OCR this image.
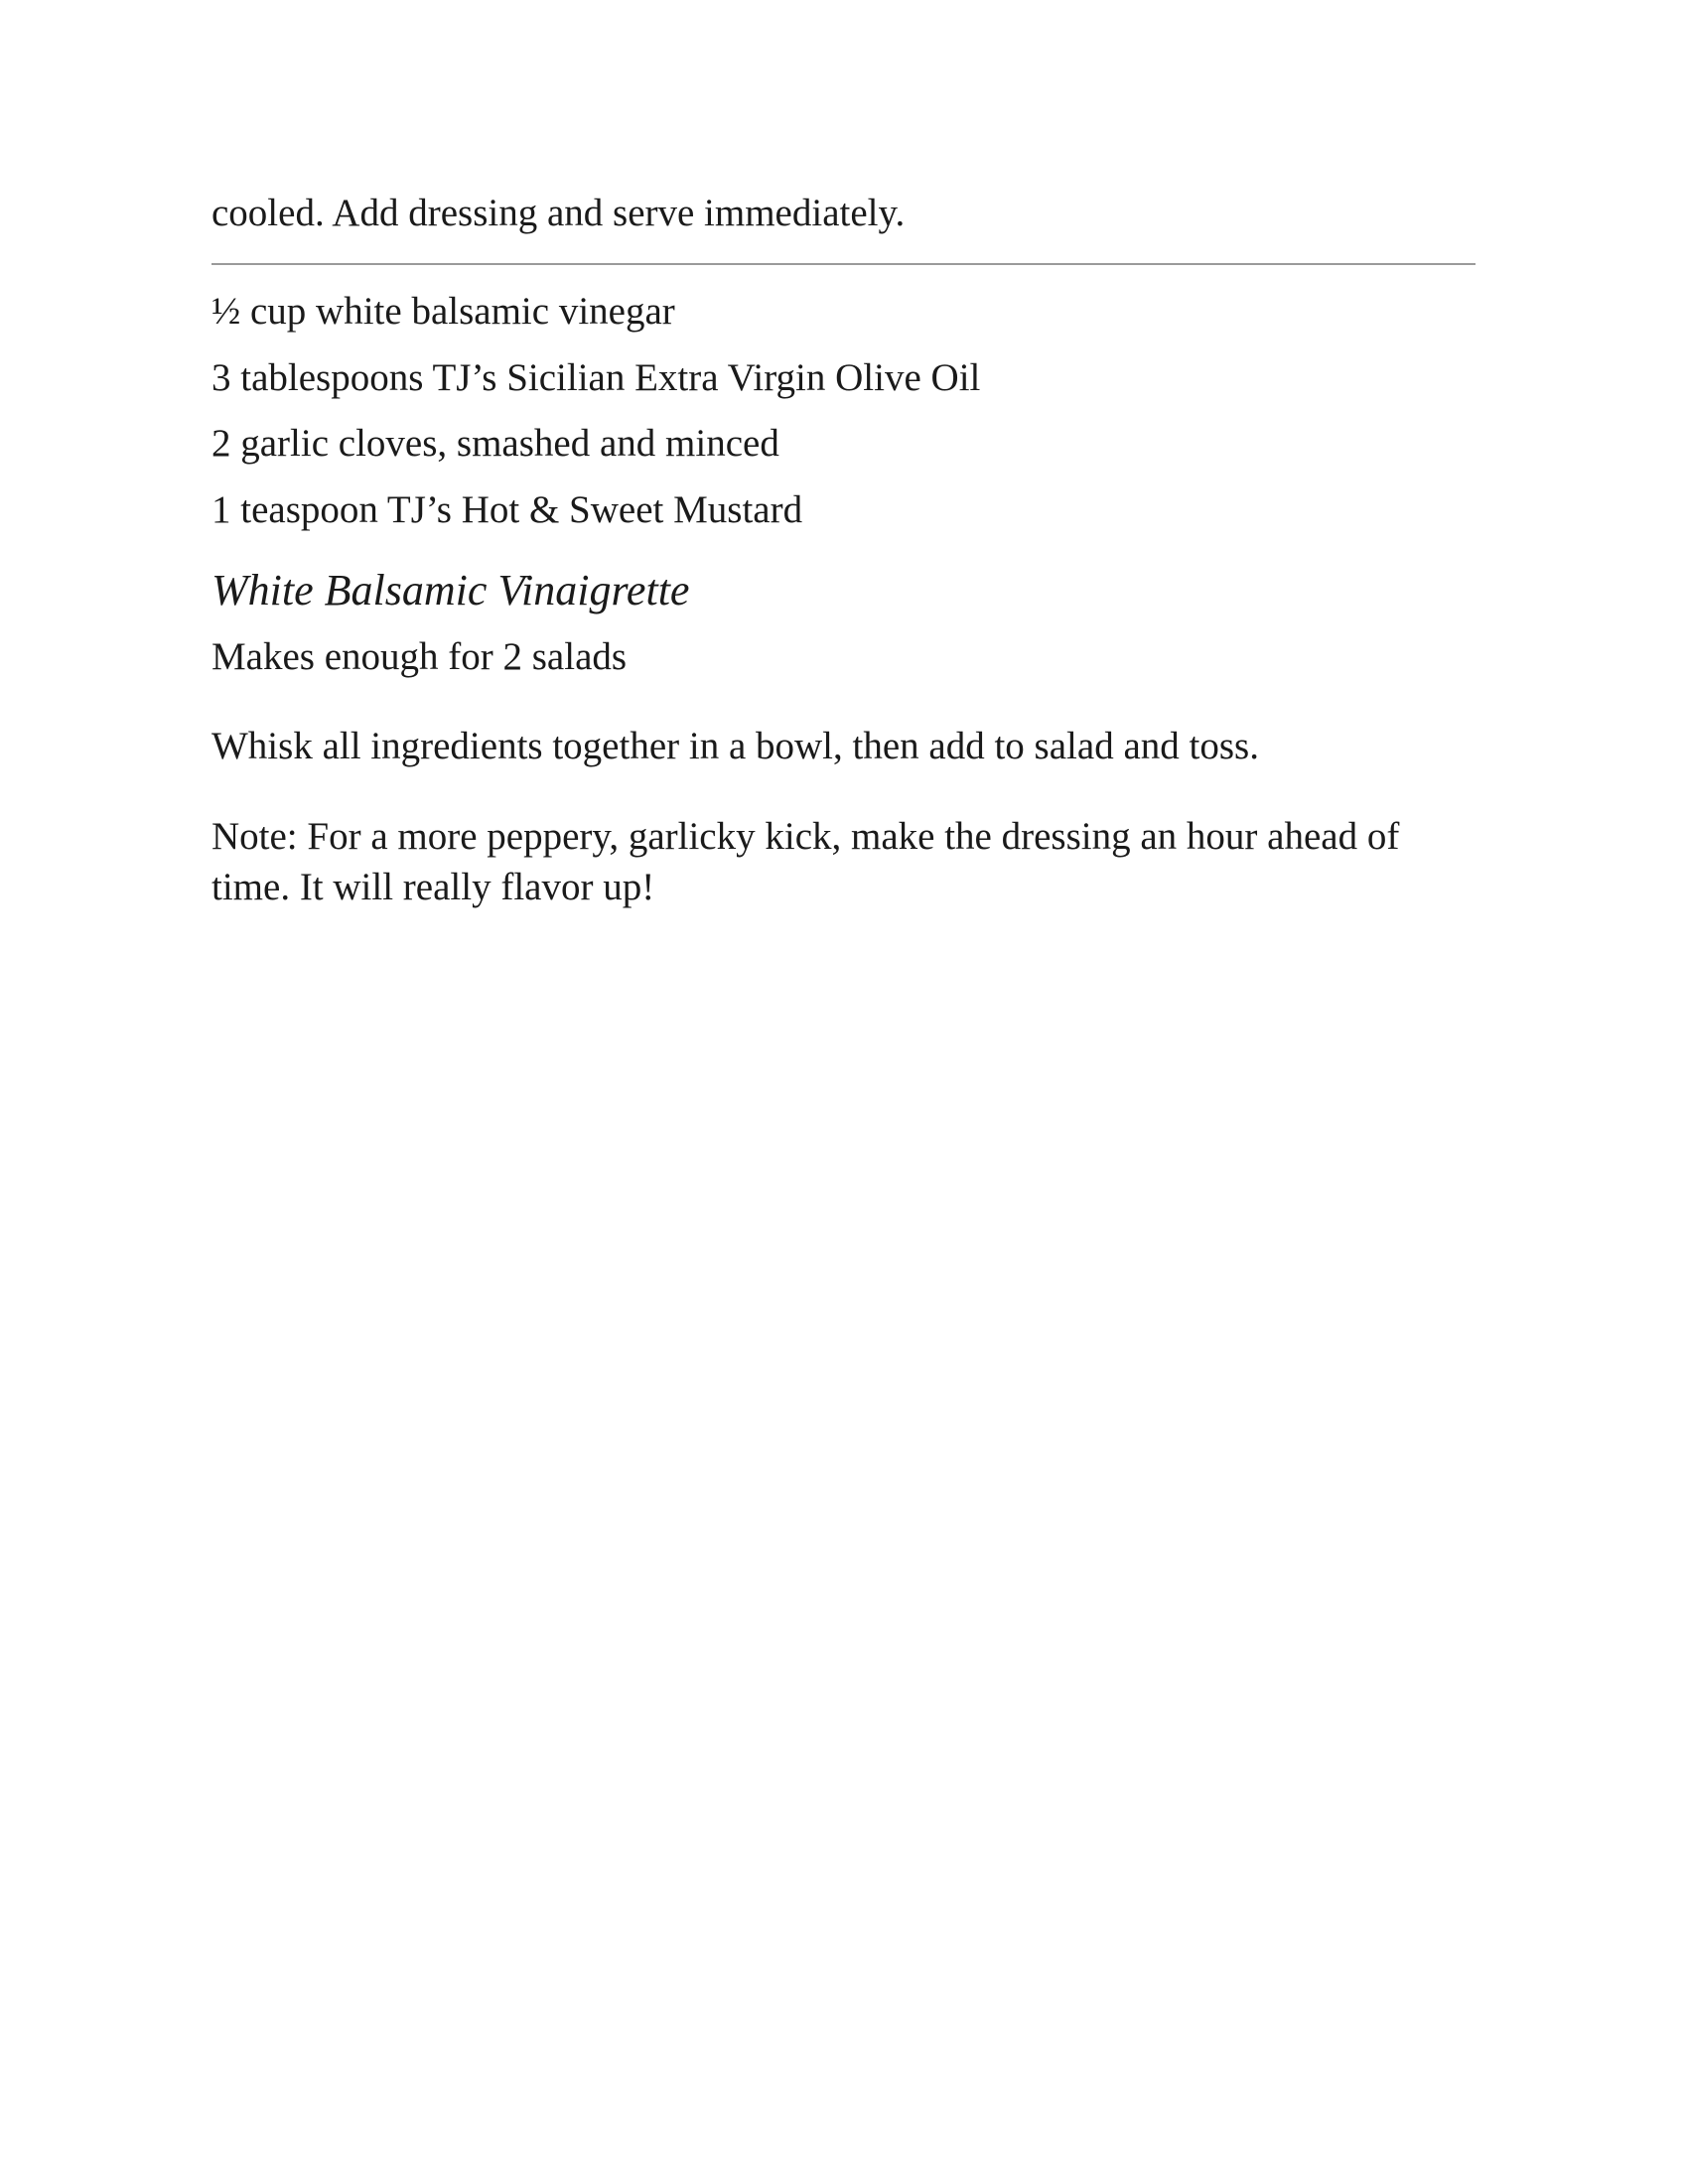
cooled. Add dressing and serve immediately.

½ cup white balsamic vinegar
3 tablespoons TJ’s Sicilian Extra Virgin Olive Oil
2 garlic cloves, smashed and minced
1 teaspoon TJ’s Hot & Sweet Mustard
White Balsamic Vinaigrette

Makes enough for 2 salads

Whisk all ingredients together in a bowl, then add to salad and toss.

Note: For a more peppery, garlicky kick, make the dressing an hour ahead of time. It will really flavor up!
